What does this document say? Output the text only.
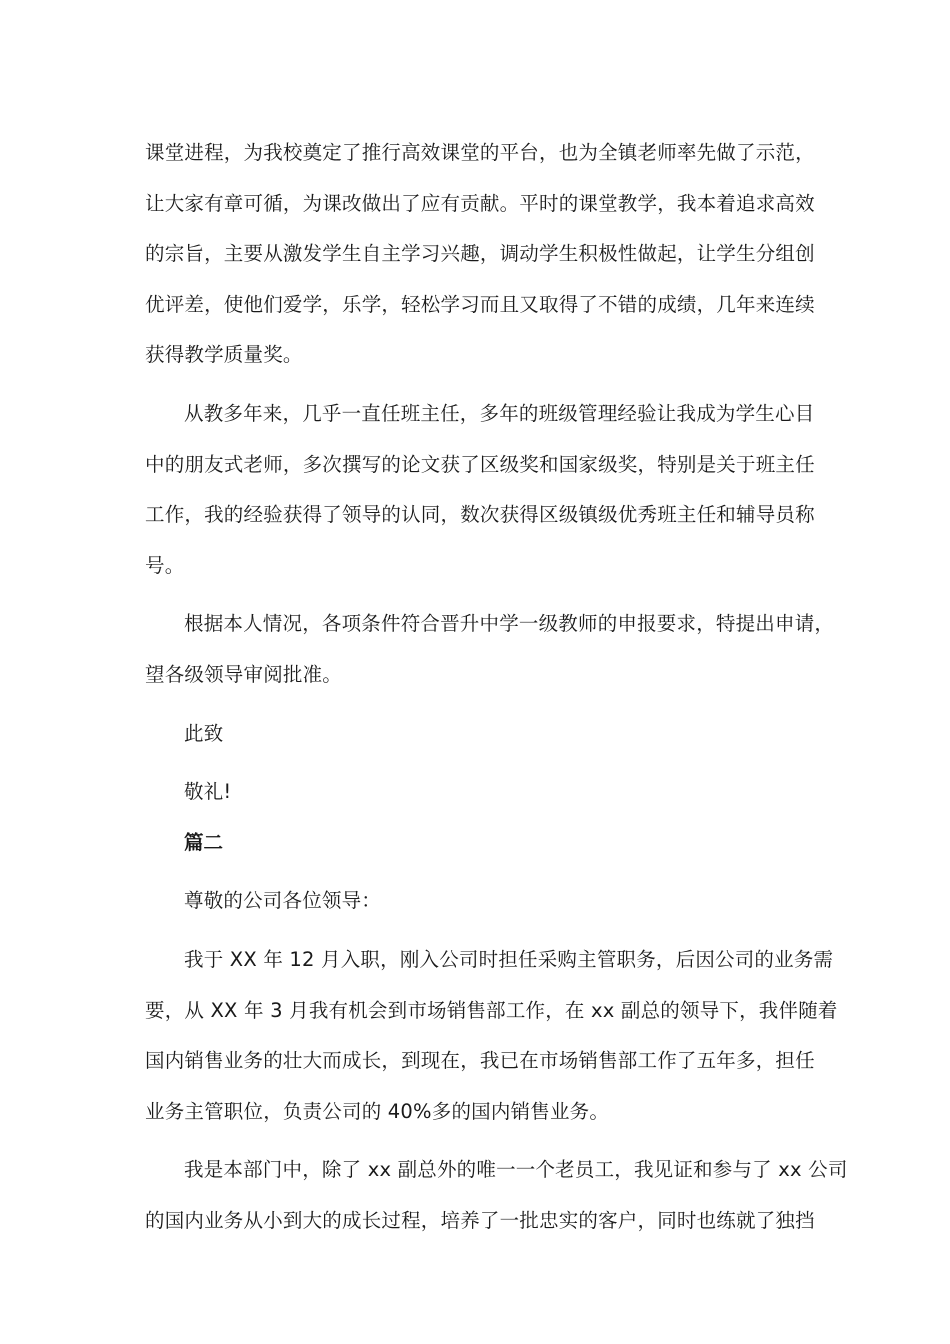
课堂进程，为我校奠定了推行高效课堂的平台，也为全镇老师率先做了示范，
让大家有章可循，为课改做出了应有贡献。平时的课堂教学，我本着追求高效
的宗旨，主要从激发学生自主学习兴趣，调动学生积极性做起，让学生分组创
优评差，使他们爱学，乐学，轻松学习而且又取得了不错的成绩，几年来连续
获得教学质量奖。
从教多年来，几乎一直任班主任，多年的班级管理经验让我成为学生心目
中的朋友式老师，多次撰写的论文获了区级奖和国家级奖，特别是关于班主任
工作，我的经验获得了领导的认同，数次获得区级镇级优秀班主任和辅导员称
号。
根据本人情况，各项条件符合晋升中学一级教师的申报要求，特提出申请，
望各级领导审阅批准。
此致
敬礼!
篇二
尊敬的公司各位领导：
我于 XX 年 12 月入职，刚入公司时担任采购主管职务，后因公司的业务需
要，从 XX 年 3 月我有机会到市场销售部工作，在 xx 副总的领导下，我伴随着
国内销售业务的壮大而成长，到现在，我已在市场销售部工作了五年多，担任
业务主管职位，负责公司的 40%多的国内销售业务。
我是本部门中，除了 xx 副总外的唯一一个老员工，我见证和参与了 xx 公司
的国内业务从小到大的成长过程，培养了一批忠实的客户，同时也练就了独挡
